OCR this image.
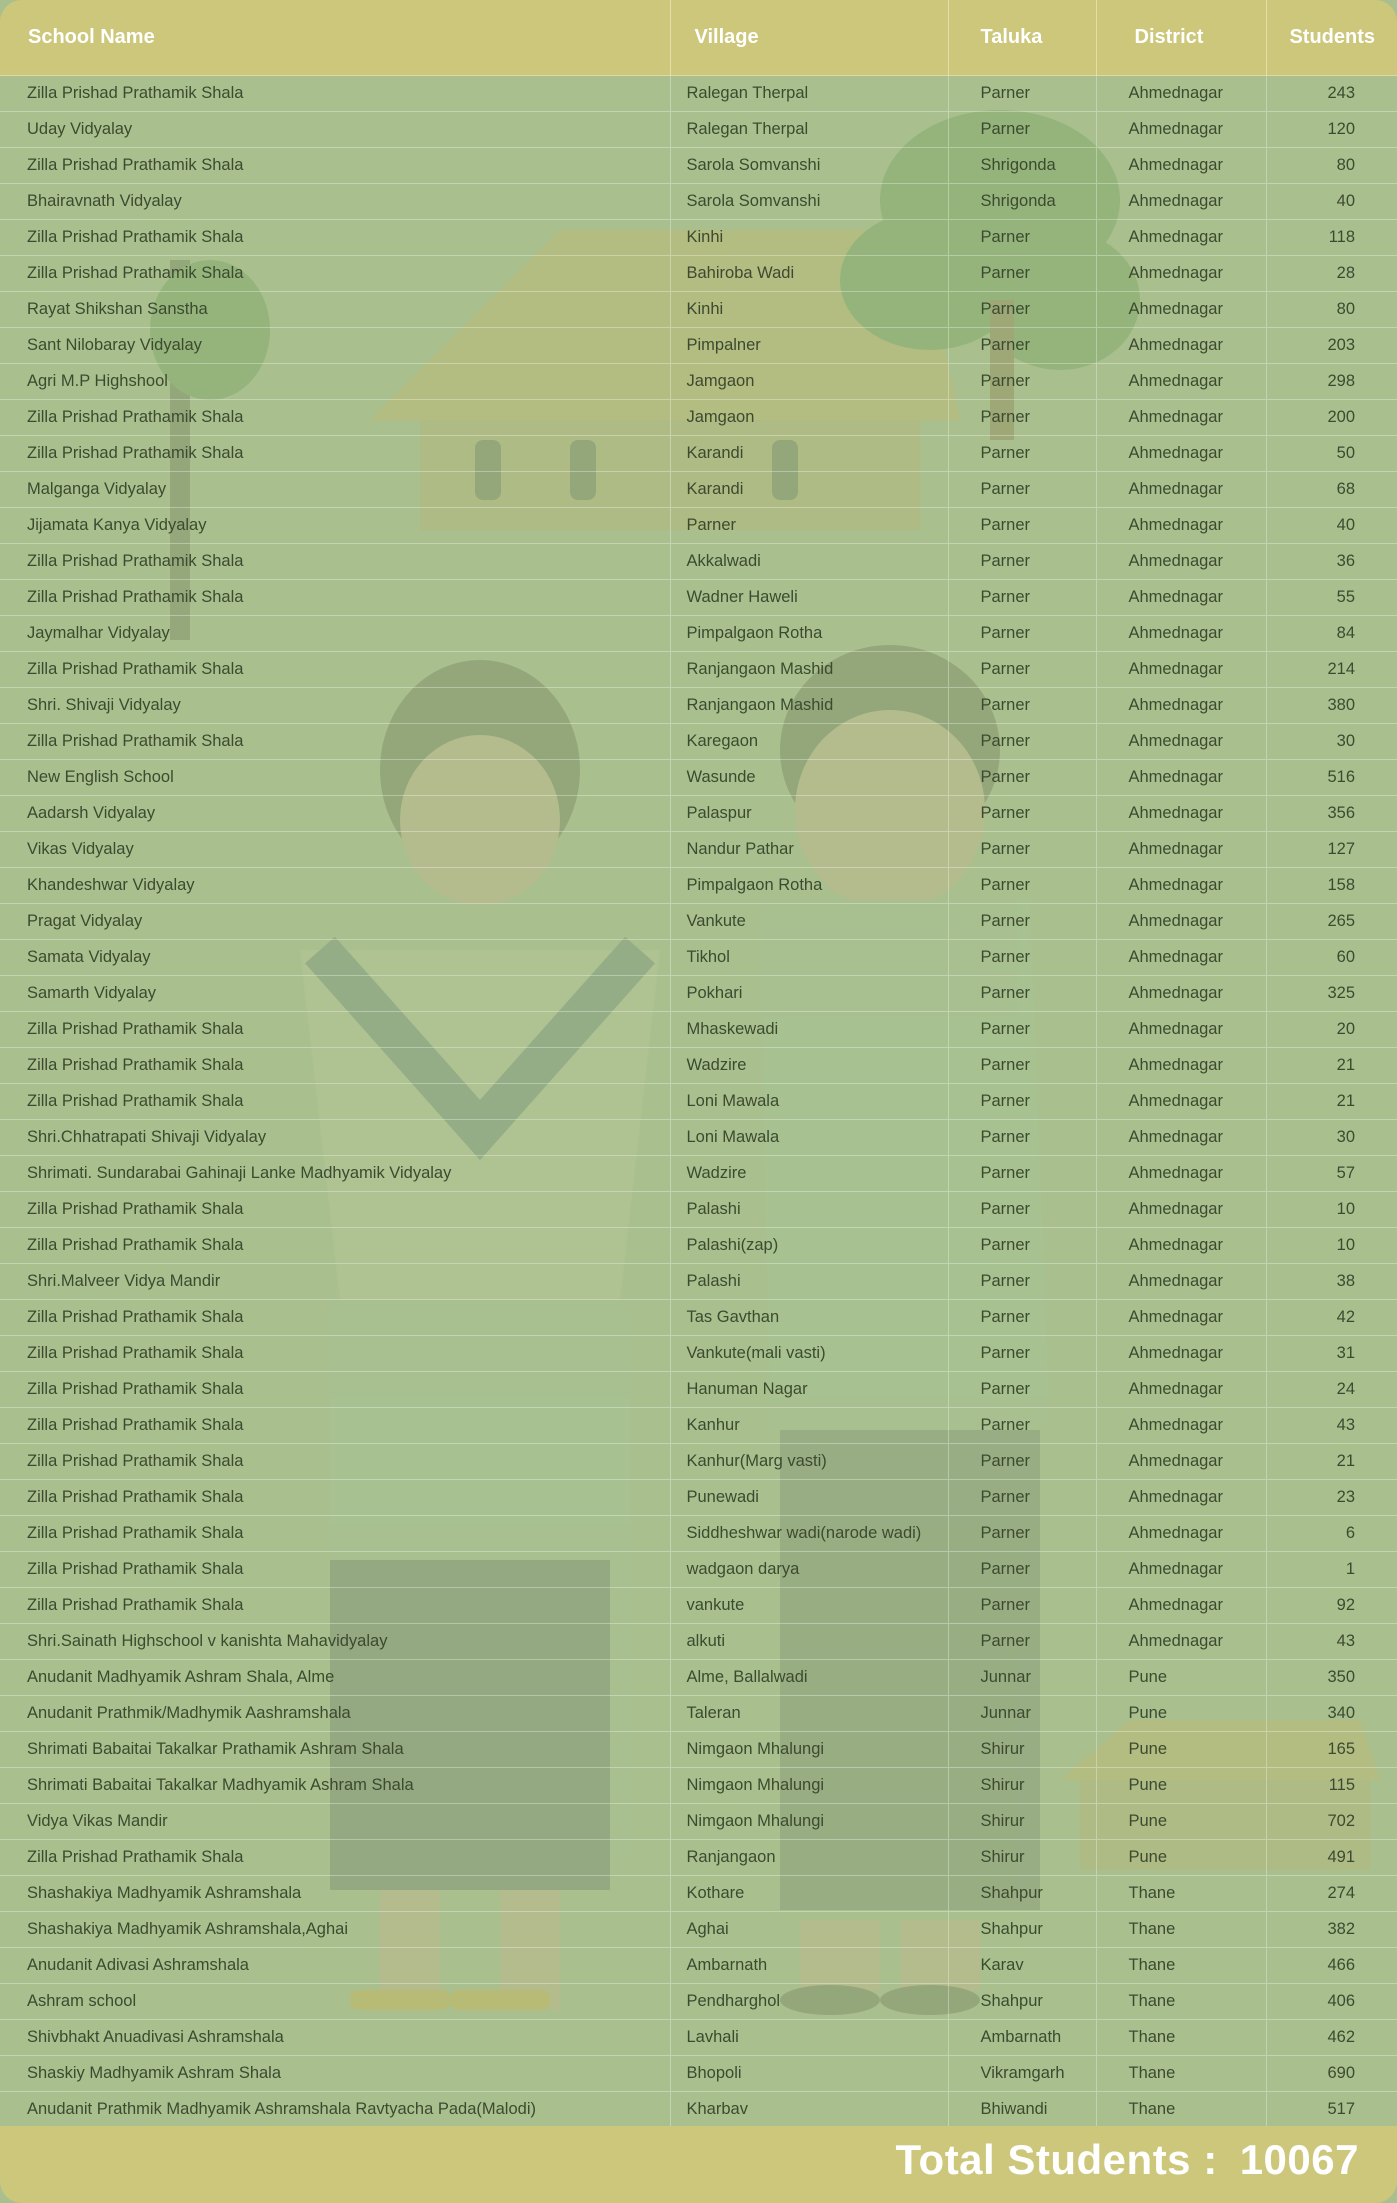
School Name	Village	Taluka	District	Students

Zilla Prishad Prathamik Shala	Ralegan Therpal	Parner	Ahmednagar	243
Uday Vidyalay	Ralegan Therpal	Parner	Ahmednagar	120
Zilla Prishad Prathamik Shala	Sarola Somvanshi	Shrigonda	Ahmednagar	80
Bhairavnath Vidyalay	Sarola Somvanshi	Shrigonda	Ahmednagar	40
Zilla Prishad Prathamik Shala	Kinhi	Parner	Ahmednagar	118
Zilla Prishad Prathamik Shala	Bahiroba Wadi	Parner	Ahmednagar	28
Rayat Shikshan Sanstha	Kinhi	Parner	Ahmednagar	80
Sant Nilobaray Vidyalay	Pimpalner	Parner	Ahmednagar	203
Agri M.P Highshool	Jamgaon	Parner	Ahmednagar	298
Zilla Prishad Prathamik Shala	Jamgaon	Parner	Ahmednagar	200
Zilla Prishad Prathamik Shala	Karandi	Parner	Ahmednagar	50
Malganga Vidyalay	Karandi	Parner	Ahmednagar	68
Jijamata Kanya Vidyalay	Parner	Parner	Ahmednagar	40
Zilla Prishad Prathamik Shala	Akkalwadi	Parner	Ahmednagar	36
Zilla Prishad Prathamik Shala	Wadner Haweli	Parner	Ahmednagar	55
Jaymalhar Vidyalay	Pimpalgaon Rotha	Parner	Ahmednagar	84
Zilla Prishad Prathamik Shala	Ranjangaon Mashid	Parner	Ahmednagar	214
Shri. Shivaji Vidyalay	Ranjangaon Mashid	Parner	Ahmednagar	380
Zilla Prishad Prathamik Shala	Karegaon	Parner	Ahmednagar	30
New English School	Wasunde	Parner	Ahmednagar	516
Aadarsh Vidyalay	Palaspur	Parner	Ahmednagar	356
Vikas Vidyalay	Nandur Pathar	Parner	Ahmednagar	127
Khandeshwar Vidyalay	Pimpalgaon Rotha	Parner	Ahmednagar	158
Pragat Vidyalay	Vankute	Parner	Ahmednagar	265
Samata Vidyalay	Tikhol	Parner	Ahmednagar	60
Samarth Vidyalay	Pokhari	Parner	Ahmednagar	325
Zilla Prishad Prathamik Shala	Mhaskewadi	Parner	Ahmednagar	20
Zilla Prishad Prathamik Shala	Wadzire	Parner	Ahmednagar	21
Zilla Prishad Prathamik Shala	Loni Mawala	Parner	Ahmednagar	21
Shri.Chhatrapati Shivaji Vidyalay	Loni Mawala	Parner	Ahmednagar	30
Shrimati. Sundarabai Gahinaji Lanke Madhyamik Vidyalay	Wadzire	Parner	Ahmednagar	57
Zilla Prishad Prathamik Shala	Palashi	Parner	Ahmednagar	10
Zilla Prishad Prathamik Shala	Palashi(zap)	Parner	Ahmednagar	10
Shri.Malveer Vidya Mandir	Palashi	Parner	Ahmednagar	38
Zilla Prishad Prathamik Shala	Tas Gavthan	Parner	Ahmednagar	42
Zilla Prishad Prathamik Shala	Vankute(mali vasti)	Parner	Ahmednagar	31
Zilla Prishad Prathamik Shala	Hanuman Nagar	Parner	Ahmednagar	24
Zilla Prishad Prathamik Shala	Kanhur	Parner	Ahmednagar	43
Zilla Prishad Prathamik Shala	Kanhur(Marg vasti)	Parner	Ahmednagar	21
Zilla Prishad Prathamik Shala	Punewadi	Parner	Ahmednagar	23
Zilla Prishad Prathamik Shala	Siddheshwar wadi(narode wadi)	Parner	Ahmednagar	6
Zilla Prishad Prathamik Shala	wadgaon darya	Parner	Ahmednagar	1
Zilla Prishad Prathamik Shala	vankute	Parner	Ahmednagar	92
Shri.Sainath Highschool v kanishta Mahavidyalay	alkuti	Parner	Ahmednagar	43
Anudanit Madhyamik Ashram Shala, Alme	Alme, Ballalwadi	Junnar	Pune	350
Anudanit Prathmik/Madhymik Aashramshala	Taleran	Junnar	Pune	340
Shrimati Babaitai Takalkar Prathamik Ashram Shala	Nimgaon Mhalungi	Shirur	Pune	165
Shrimati Babaitai Takalkar Madhyamik Ashram Shala	Nimgaon Mhalungi	Shirur	Pune	115
Vidya Vikas Mandir	Nimgaon Mhalungi	Shirur	Pune	702
Zilla Prishad Prathamik Shala	Ranjangaon	Shirur	Pune	491
Shashakiya Madhyamik Ashramshala	Kothare	Shahpur	Thane	274
Shashakiya Madhyamik Ashramshala,Aghai	Aghai	Shahpur	Thane	382
Anudanit Adivasi Ashramshala	Ambarnath	Karav	Thane	466
Ashram school	Pendharghol	Shahpur	Thane	406
Shivbhakt Anuadivasi Ashramshala	Lavhali	Ambarnath	Thane	462
Shaskiy Madhyamik Ashram Shala	Bhopoli	Vikramgarh	Thane	690
Anudanit Prathmik Madhyamik Ashramshala Ravtyacha Pada(Malodi)	Kharbav	Bhiwandi	Thane	517
Total Students : 10067
